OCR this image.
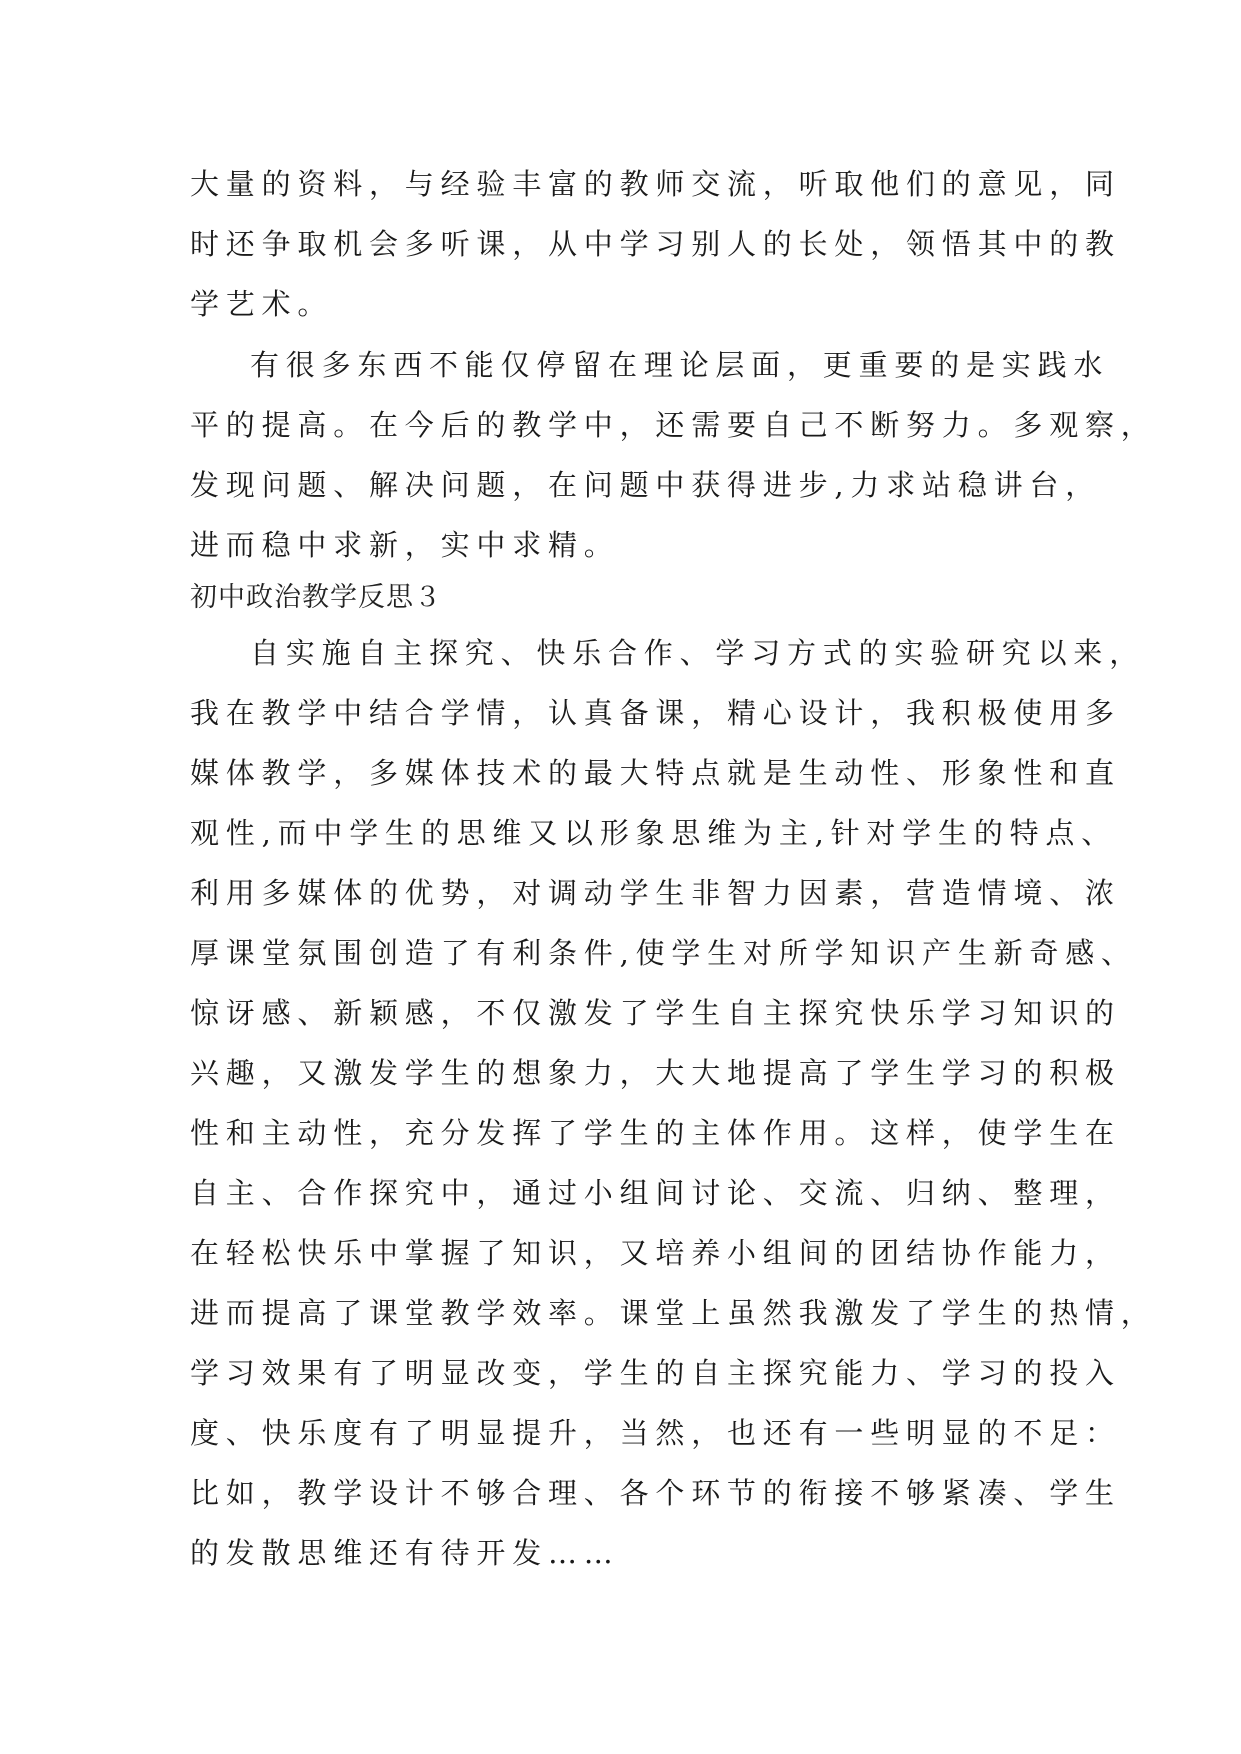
大量的资料，与经验丰富的教师交流，听取他们的意见，同

时还争取机会多听课，从中学习别人的长处，领悟其中的教

学艺术。

有很多东西不能仅停留在理论层面，更重要的是实践水

平的提高。在今后的教学中，还需要自己不断努力。多观察，

发现问题、解决问题，在问题中获得进步,力求站稳讲台，

进而稳中求新，实中求精。

初中政治教学反思３

自实施自主探究、快乐合作、学习方式的实验研究以来，

我在教学中结合学情，认真备课，精心设计，我积极使用多

媒体教学，多媒体技术的最大特点就是生动性、形象性和直

观性,而中学生的思维又以形象思维为主,针对学生的特点、

利用多媒体的优势，对调动学生非智力因素，营造情境、浓

厚课堂氛围创造了有利条件,使学生对所学知识产生新奇感、

惊讶感、新颖感，不仅激发了学生自主探究快乐学习知识的

兴趣，又激发学生的想象力，大大地提高了学生学习的积极

性和主动性，充分发挥了学生的主体作用。这样，使学生在

自主、合作探究中，通过小组间讨论、交流、归纳、整理，

在轻松快乐中掌握了知识，又培养小组间的团结协作能力，

进而提高了课堂教学效率。课堂上虽然我激发了学生的热情，

学习效果有了明显改变，学生的自主探究能力、学习的投入

度、快乐度有了明显提升，当然，也还有一些明显的不足：

比如，教学设计不够合理、各个环节的衔接不够紧凑、学生

的发散思维还有待开发……
